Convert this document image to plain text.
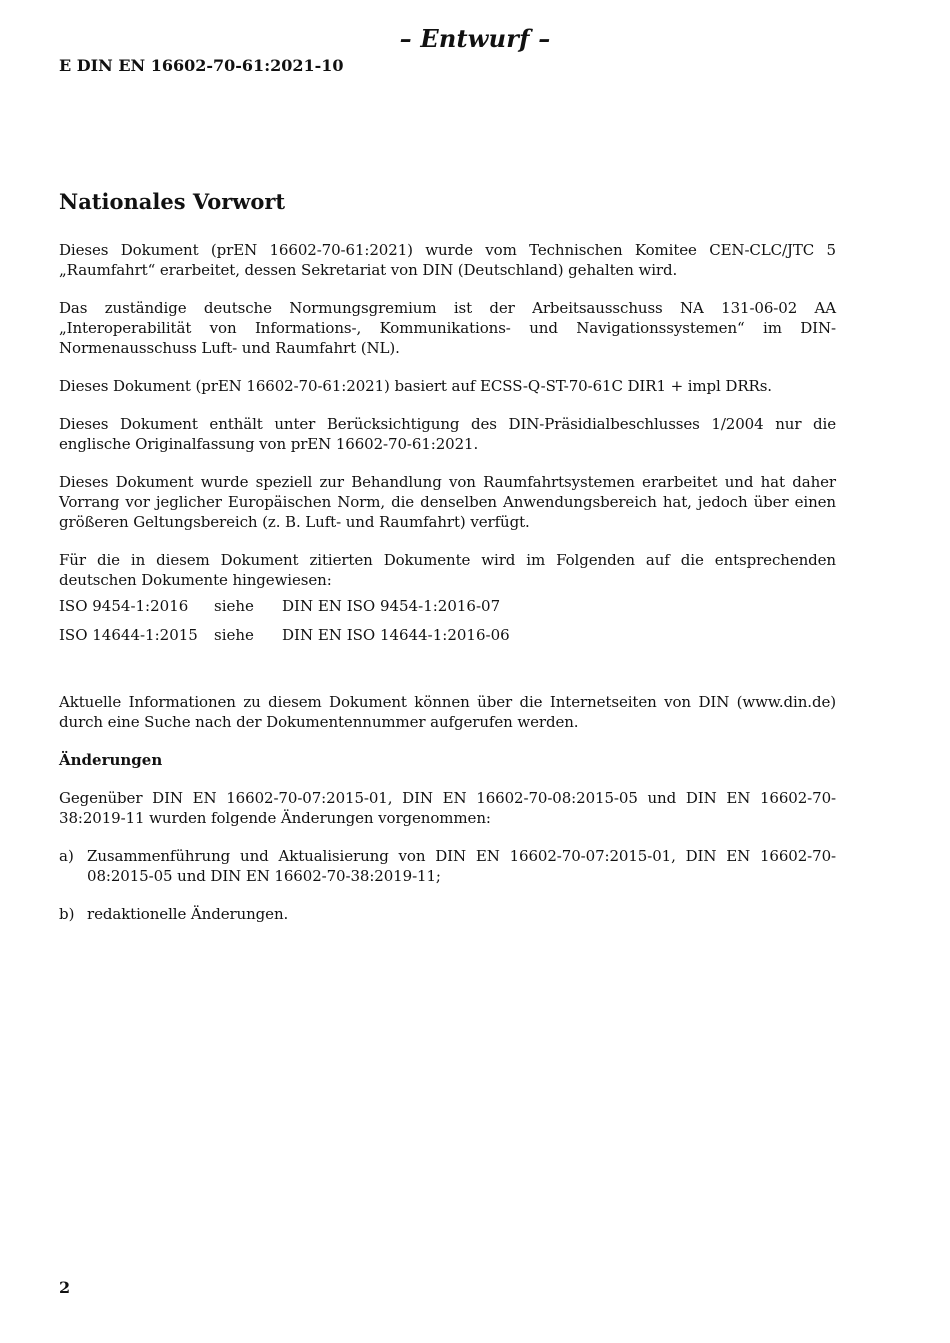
– Entwurf –
E DIN EN 16602-70-61:2021-10
Nationales Vorwort

Dieses Dokument (prEN 16602-70-61:2021) wurde vom Technischen Komitee CEN-CLC/JTC 5 „Raumfahrt“ erarbeitet, dessen Sekretariat von DIN (Deutschland) gehalten wird.

Das zuständige deutsche Normungsgremium ist der Arbeitsausschuss NA 131-06-02 AA „Interoperabilität von Informations-, Kommunikations- und Navigationssystemen“ im DIN-Normenausschuss Luft- und Raumfahrt (NL).

Dieses Dokument (prEN 16602-70-61:2021) basiert auf ECSS-Q-ST-70-61C DIR1 + impl DRRs.

Dieses Dokument enthält unter Berücksichtigung des DIN-Präsidialbeschlusses 1/2004 nur die englische Originalfassung von prEN 16602-70-61:2021.

Dieses Dokument wurde speziell zur Behandlung von Raumfahrtsystemen erarbeitet und hat daher Vorrang vor jeglicher Europäischen Norm, die denselben Anwendungsbereich hat, jedoch über einen größeren Geltungsbereich (z. B. Luft- und Raumfahrt) verfügt.

Für die in diesem Dokument zitierten Dokumente wird im Folgenden auf die entsprechenden deutschen Dokumente hingewiesen:

ISO 9454-1:2016	siehe	DIN EN ISO 9454-1:2016-07
ISO 14644-1:2015	siehe	DIN EN ISO 14644-1:2016-06

Aktuelle Informationen zu diesem Dokument können über die Internetseiten von DIN (www.din.de) durch eine Suche nach der Dokumentennummer aufgerufen werden.

Änderungen

Gegenüber DIN EN 16602-70-07:2015-01, DIN EN 16602-70-08:2015-05 und DIN EN 16602-70-38:2019-11 wurden folgende Änderungen vorgenommen:

a) Zusammenführung und Aktualisierung von DIN EN 16602-70-07:2015-01, DIN EN 16602-70-08:2015-05 und DIN EN 16602-70-38:2019-11;
b) redaktionelle Änderungen.
2
